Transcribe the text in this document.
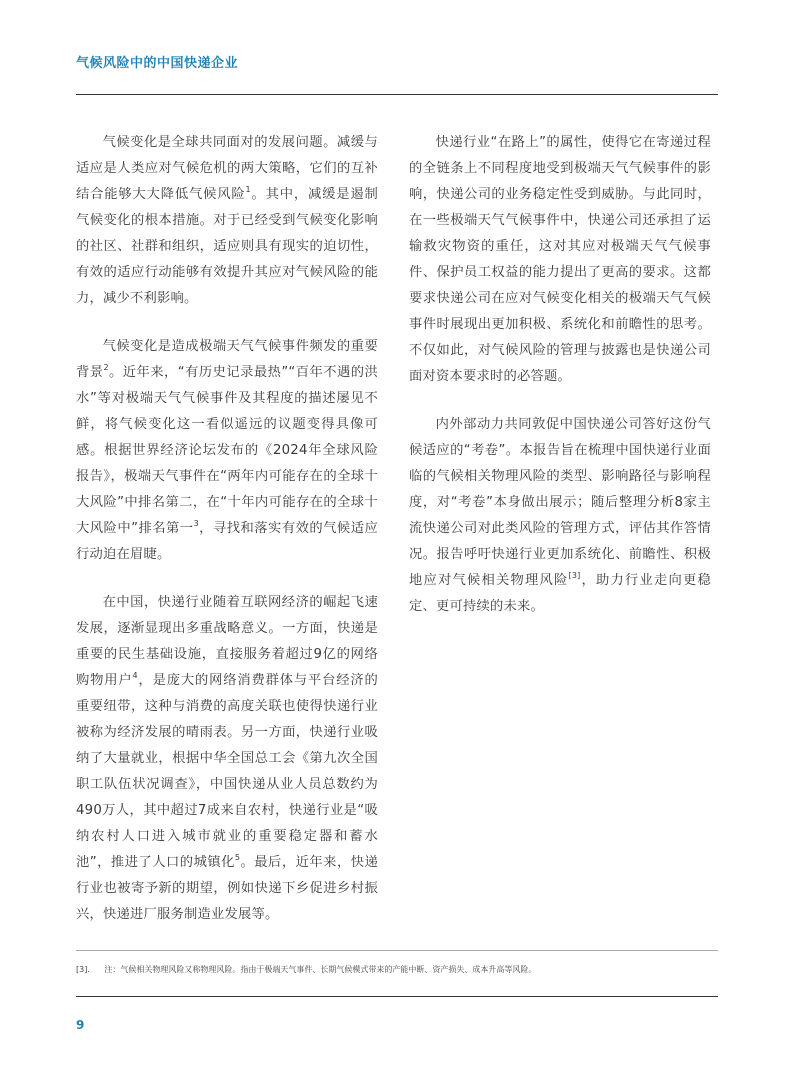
气候风险中的中国快递企业

气候变化是全球共同面对的发展问题。减缓与适应是人类应对气候危机的两大策略，它们的互补结合能够大大降低气候风险$^1$。其中，减缓是遏制气候变化的根本措施。对于已经受到气候变化影响的社区、社群和组织，适应则具有现实的迫切性，有效的适应行动能够有效提升其应对气候风险的能力，减少不利影响。

气候变化是造成极端天气气候事件频发的重要背景$^2$。近年来，“有历史记录最热”“百年不遇的洪水”等对极端天气气候事件及其程度的描述屡见不鲜，将气候变化这一看似遥远的议题变得具像可感。根据世界经济论坛发布的《2024年全球风险报告》，极端天气事件在“两年内可能存在的全球十大风险”中排名第二，在“十年内可能存在的全球十大风险中”排名第一$^3$，寻找和落实有效的气候适应行动迫在眉睫。

在中国，快递行业随着互联网经济的崛起飞速发展，逐渐显现出多重战略意义。一方面，快递是重要的民生基础设施，直接服务着超过9亿的网络购物用户$^4$，是庞大的网络消费群体与平台经济的重要纽带，这种与消费的高度关联也使得快递行业被称为经济发展的晴雨表。另一方面，快递行业吸纳了大量就业，根据中华全国总工会《第九次全国职工队伍状况调查》，中国快递从业人员总数约为490万人，其中超过7成来自农村，快递行业是“吸纳农村人口进入城市就业的重要稳定器和蓄水池”，推进了人口的城镇化$^5$。最后，近年来，快递行业也被寄予新的期望，例如快递下乡促进乡村振兴，快递进厂服务制造业发展等。

快递行业“在路上”的属性，使得它在寄递过程的全链条上不同程度地受到极端天气气候事件的影响，快递公司的业务稳定性受到威胁。与此同时，在一些极端天气气候事件中，快递公司还承担了运输救灾物资的重任，这对其应对极端天气气候事件、保护员工权益的能力提出了更高的要求。这都要求快递公司在应对气候变化相关的极端天气气候事件时展现出更加积极、系统化和前瞻性的思考。不仅如此，对气候风险的管理与披露也是快递公司面对资本要求时的必答题。

内外部动力共同敦促中国快递公司答好这份气候适应的“考卷”。本报告旨在梳理中国快递行业面临的气候相关物理风险的类型、影响路径与影响程度，对“考卷”本身做出展示；随后整理分析8家主流快递公司对此类风险的管理方式，评估其作答情况。报告呼吁快递行业更加系统化、前瞻性、积极地应对气候相关物理风险[3]，助力行业走向更稳定、更可持续的未来。

[3]. 注：气候相关物理风险又称物理风险。指由于极端天气事件、长期气候模式带来的产能中断、资产损失、成本升高等风险。
9
